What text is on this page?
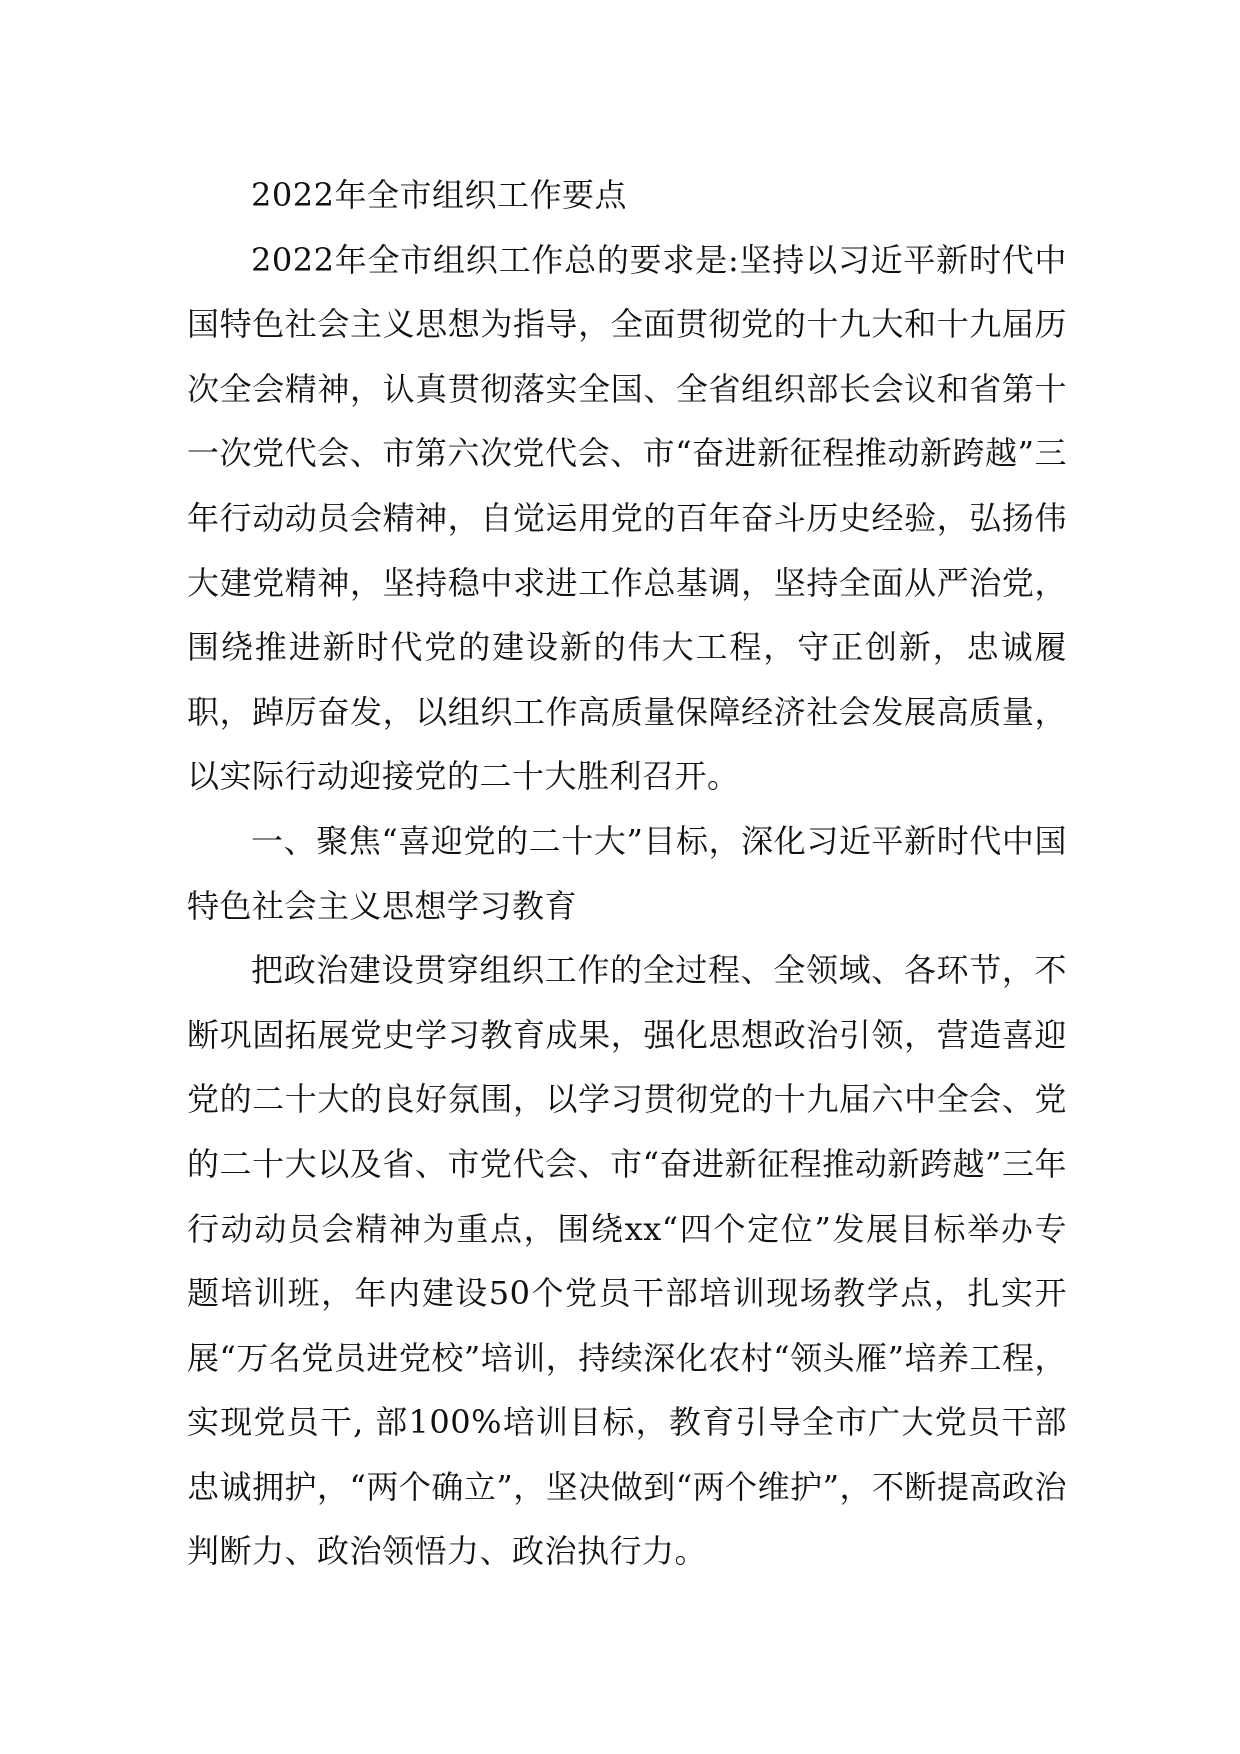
2022年全市组织工作要点

2022年全市组织工作总的要求是:坚持以习近平新时代中国特色社会主义思想为指导，全面贯彻党的十九大和十九届历次全会精神，认真贯彻落实全国、全省组织部长会议和省第十一次党代会、市第六次党代会、市“奋进新征程推动新跨越”三年行动动员会精神，自觉运用党的百年奋斗历史经验，弘扬伟大建党精神，坚持稳中求进工作总基调，坚持全面从严治党，围绕推进新时代党的建设新的伟大工程，守正创新，忠诚履职，踔厉奋发，以组织工作高质量保障经济社会发展高质量，以实际行动迎接党的二十大胜利召开。

一、聚焦“喜迎党的二十大”目标，深化习近平新时代中国特色社会主义思想学习教育

把政治建设贯穿组织工作的全过程、全领域、各环节，不断巩固拓展党史学习教育成果，强化思想政治引领，营造喜迎党的二十大的良好氛围，以学习贯彻党的十九届六中全会、党的二十大以及省、市党代会、市“奋进新征程推动新跨越”三年行动动员会精神为重点，围绕xx“四个定位”发展目标举办专题培训班，年内建设50个党员干部培训现场教学点，扎实开展“万名党员进党校”培训，持续深化农村“领头雁”培养工程，实现党员干, 部100%培训目标，教育引导全市广大党员干部忠诚拥护，“两个确立”，坚决做到“两个维护”，不断提高政治判断力、政治领悟力、政治执行力。
